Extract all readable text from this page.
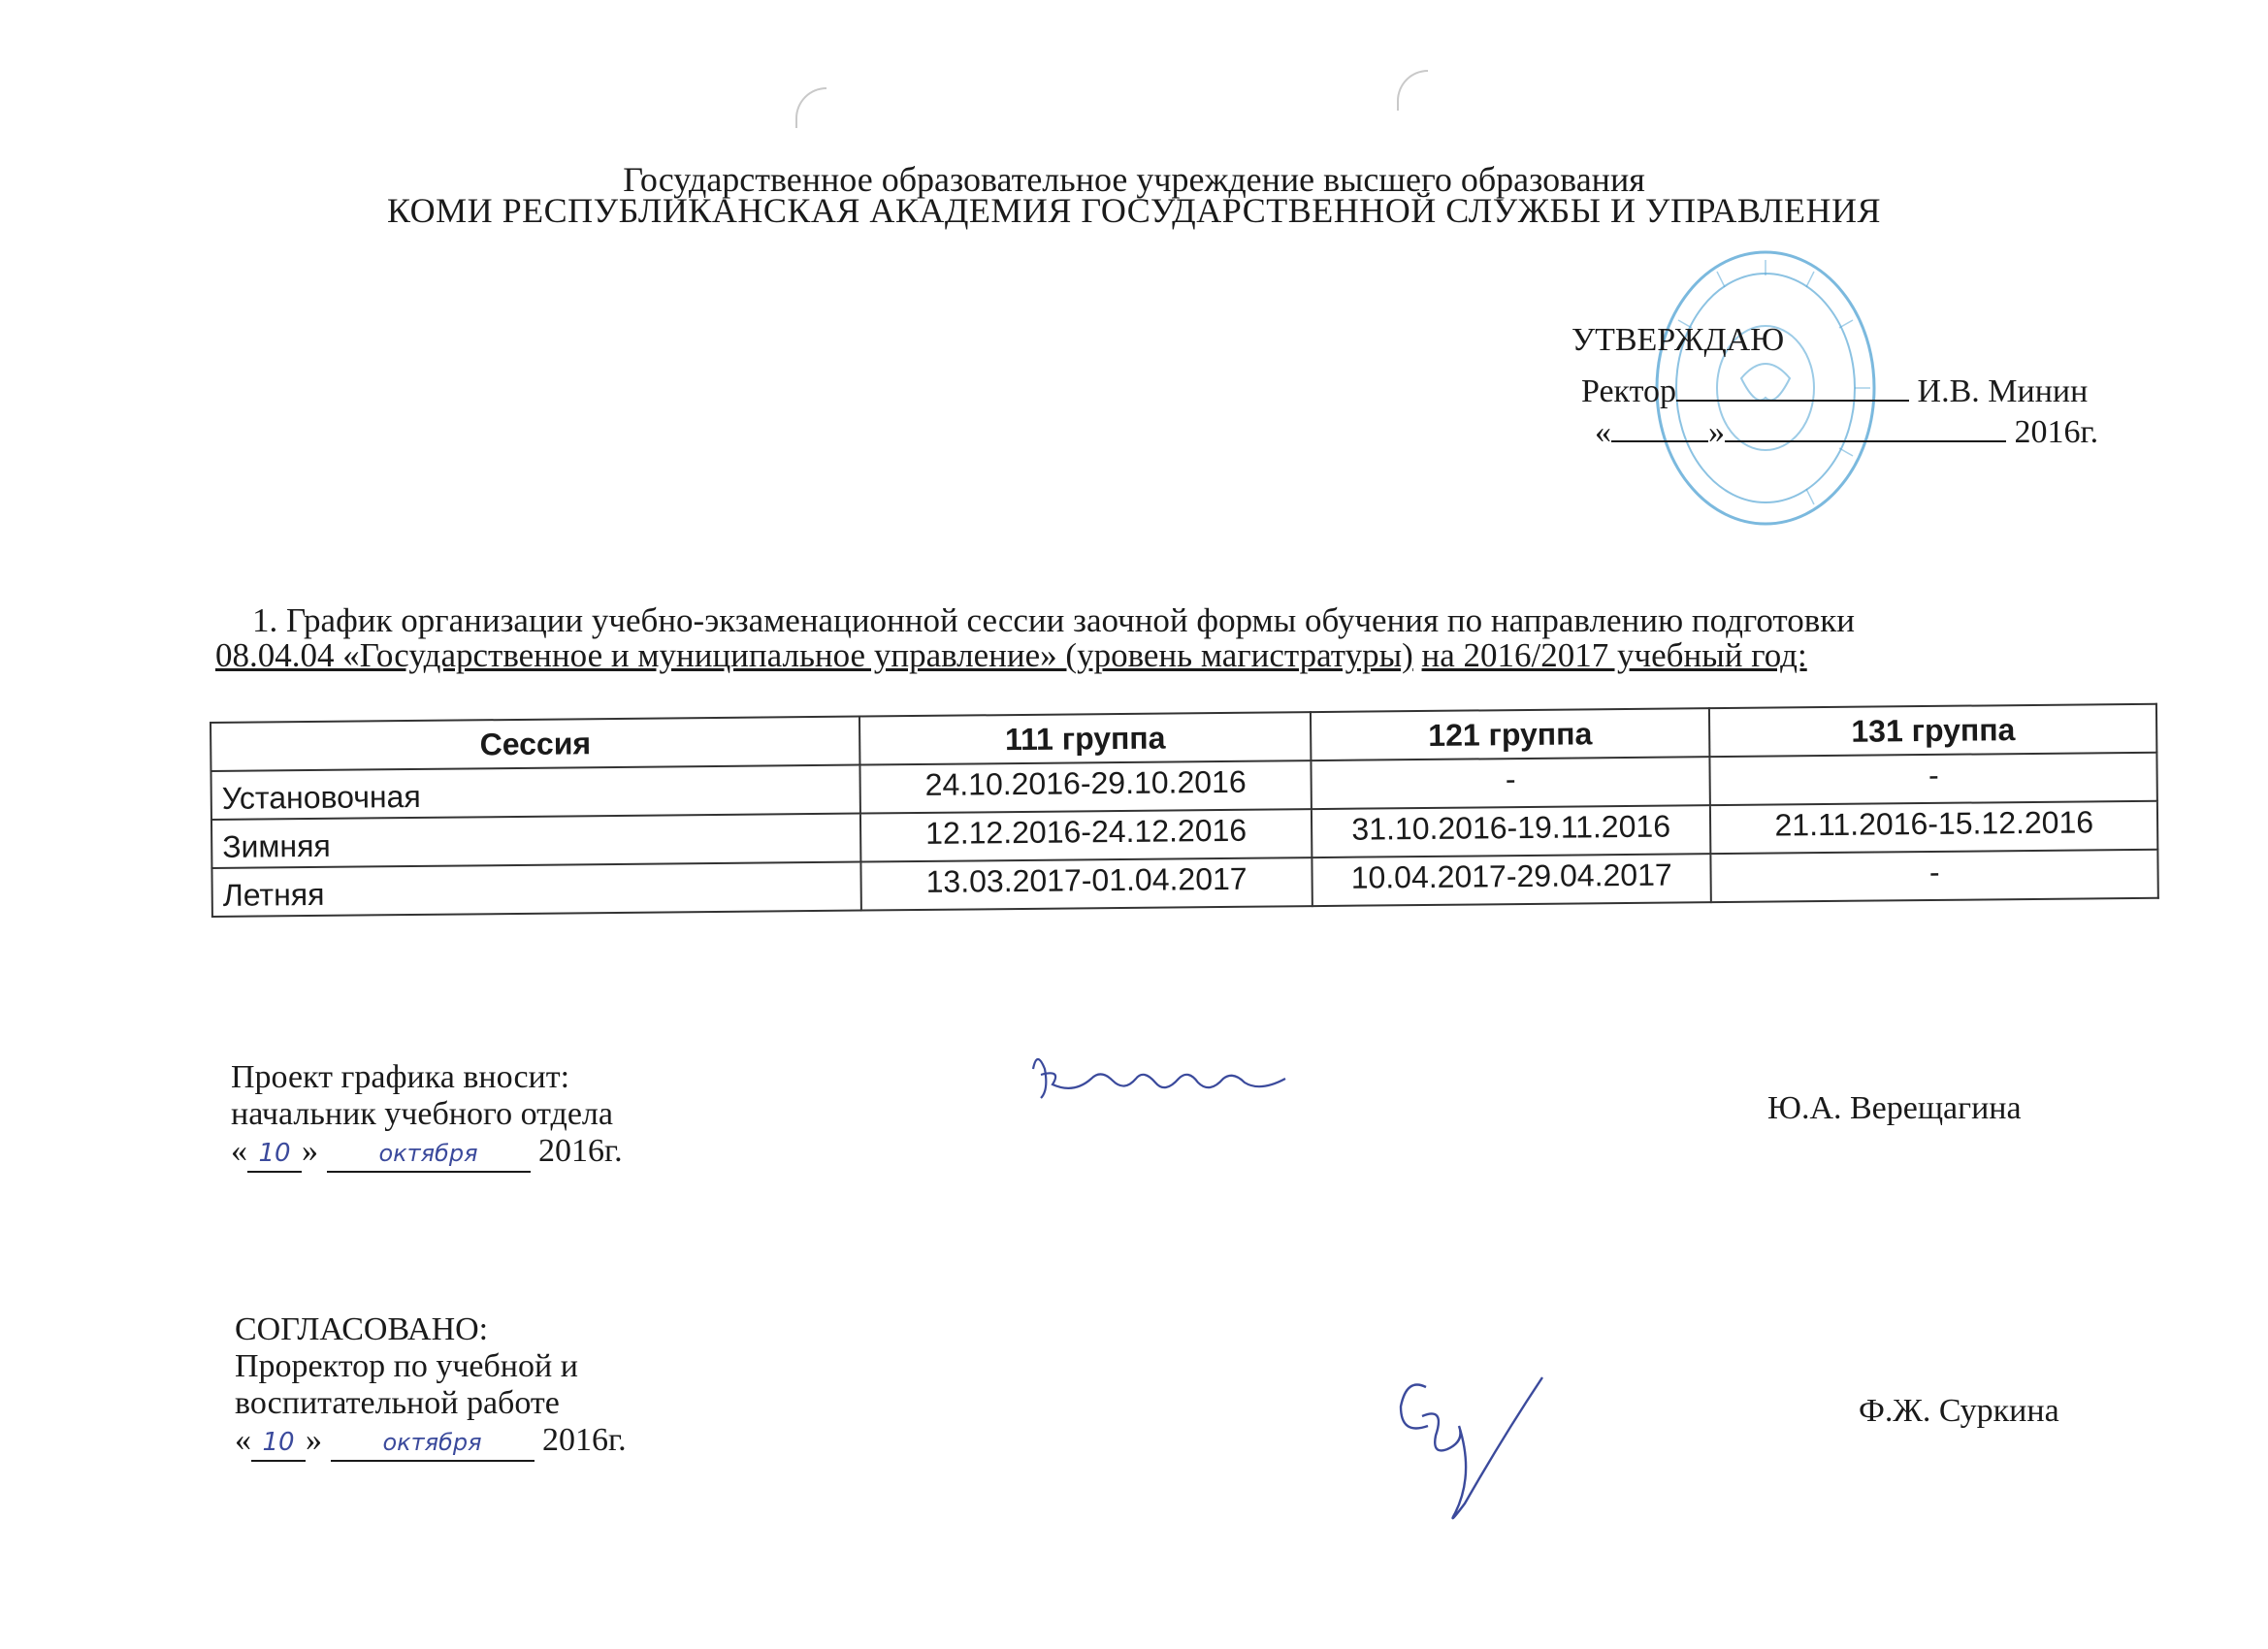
Государственное образовательное учреждение высшего образования
КОМИ РЕСПУБЛИКАНСКАЯ АКАДЕМИЯ ГОСУДАРСТВЕННОЙ СЛУЖБЫ И УПРАВЛЕНИЯ
УТВЕРЖДАЮ
Ректор	И.В. Минин
«	»	2016г.
1. График организации учебно-экзаменационной сессии заочной формы обучения по направлению подготовки
08.04.04 «Государственное и муниципальное управление» (уровень магистратуры) на 2016/2017 учебный год:
Сессия	111 группа	121 группа	131 группа
Установочная	24.10.2016-29.10.2016	-	-
Зимняя	12.12.2016-24.12.2016	31.10.2016-19.11.2016	21.11.2016-15.12.2016
Летняя	13.03.2017-01.04.2017	10.04.2017-29.04.2017	-
Проект графика вносит:
начальник учебного отдела
« 10 »	октября 2016г.
Ю.А. Верещагина
СОГЛАСОВАНО:
Проректор по учебной и
воспитательной работе
« 10 »	октября 2016г.
Ф.Ж. Суркина
